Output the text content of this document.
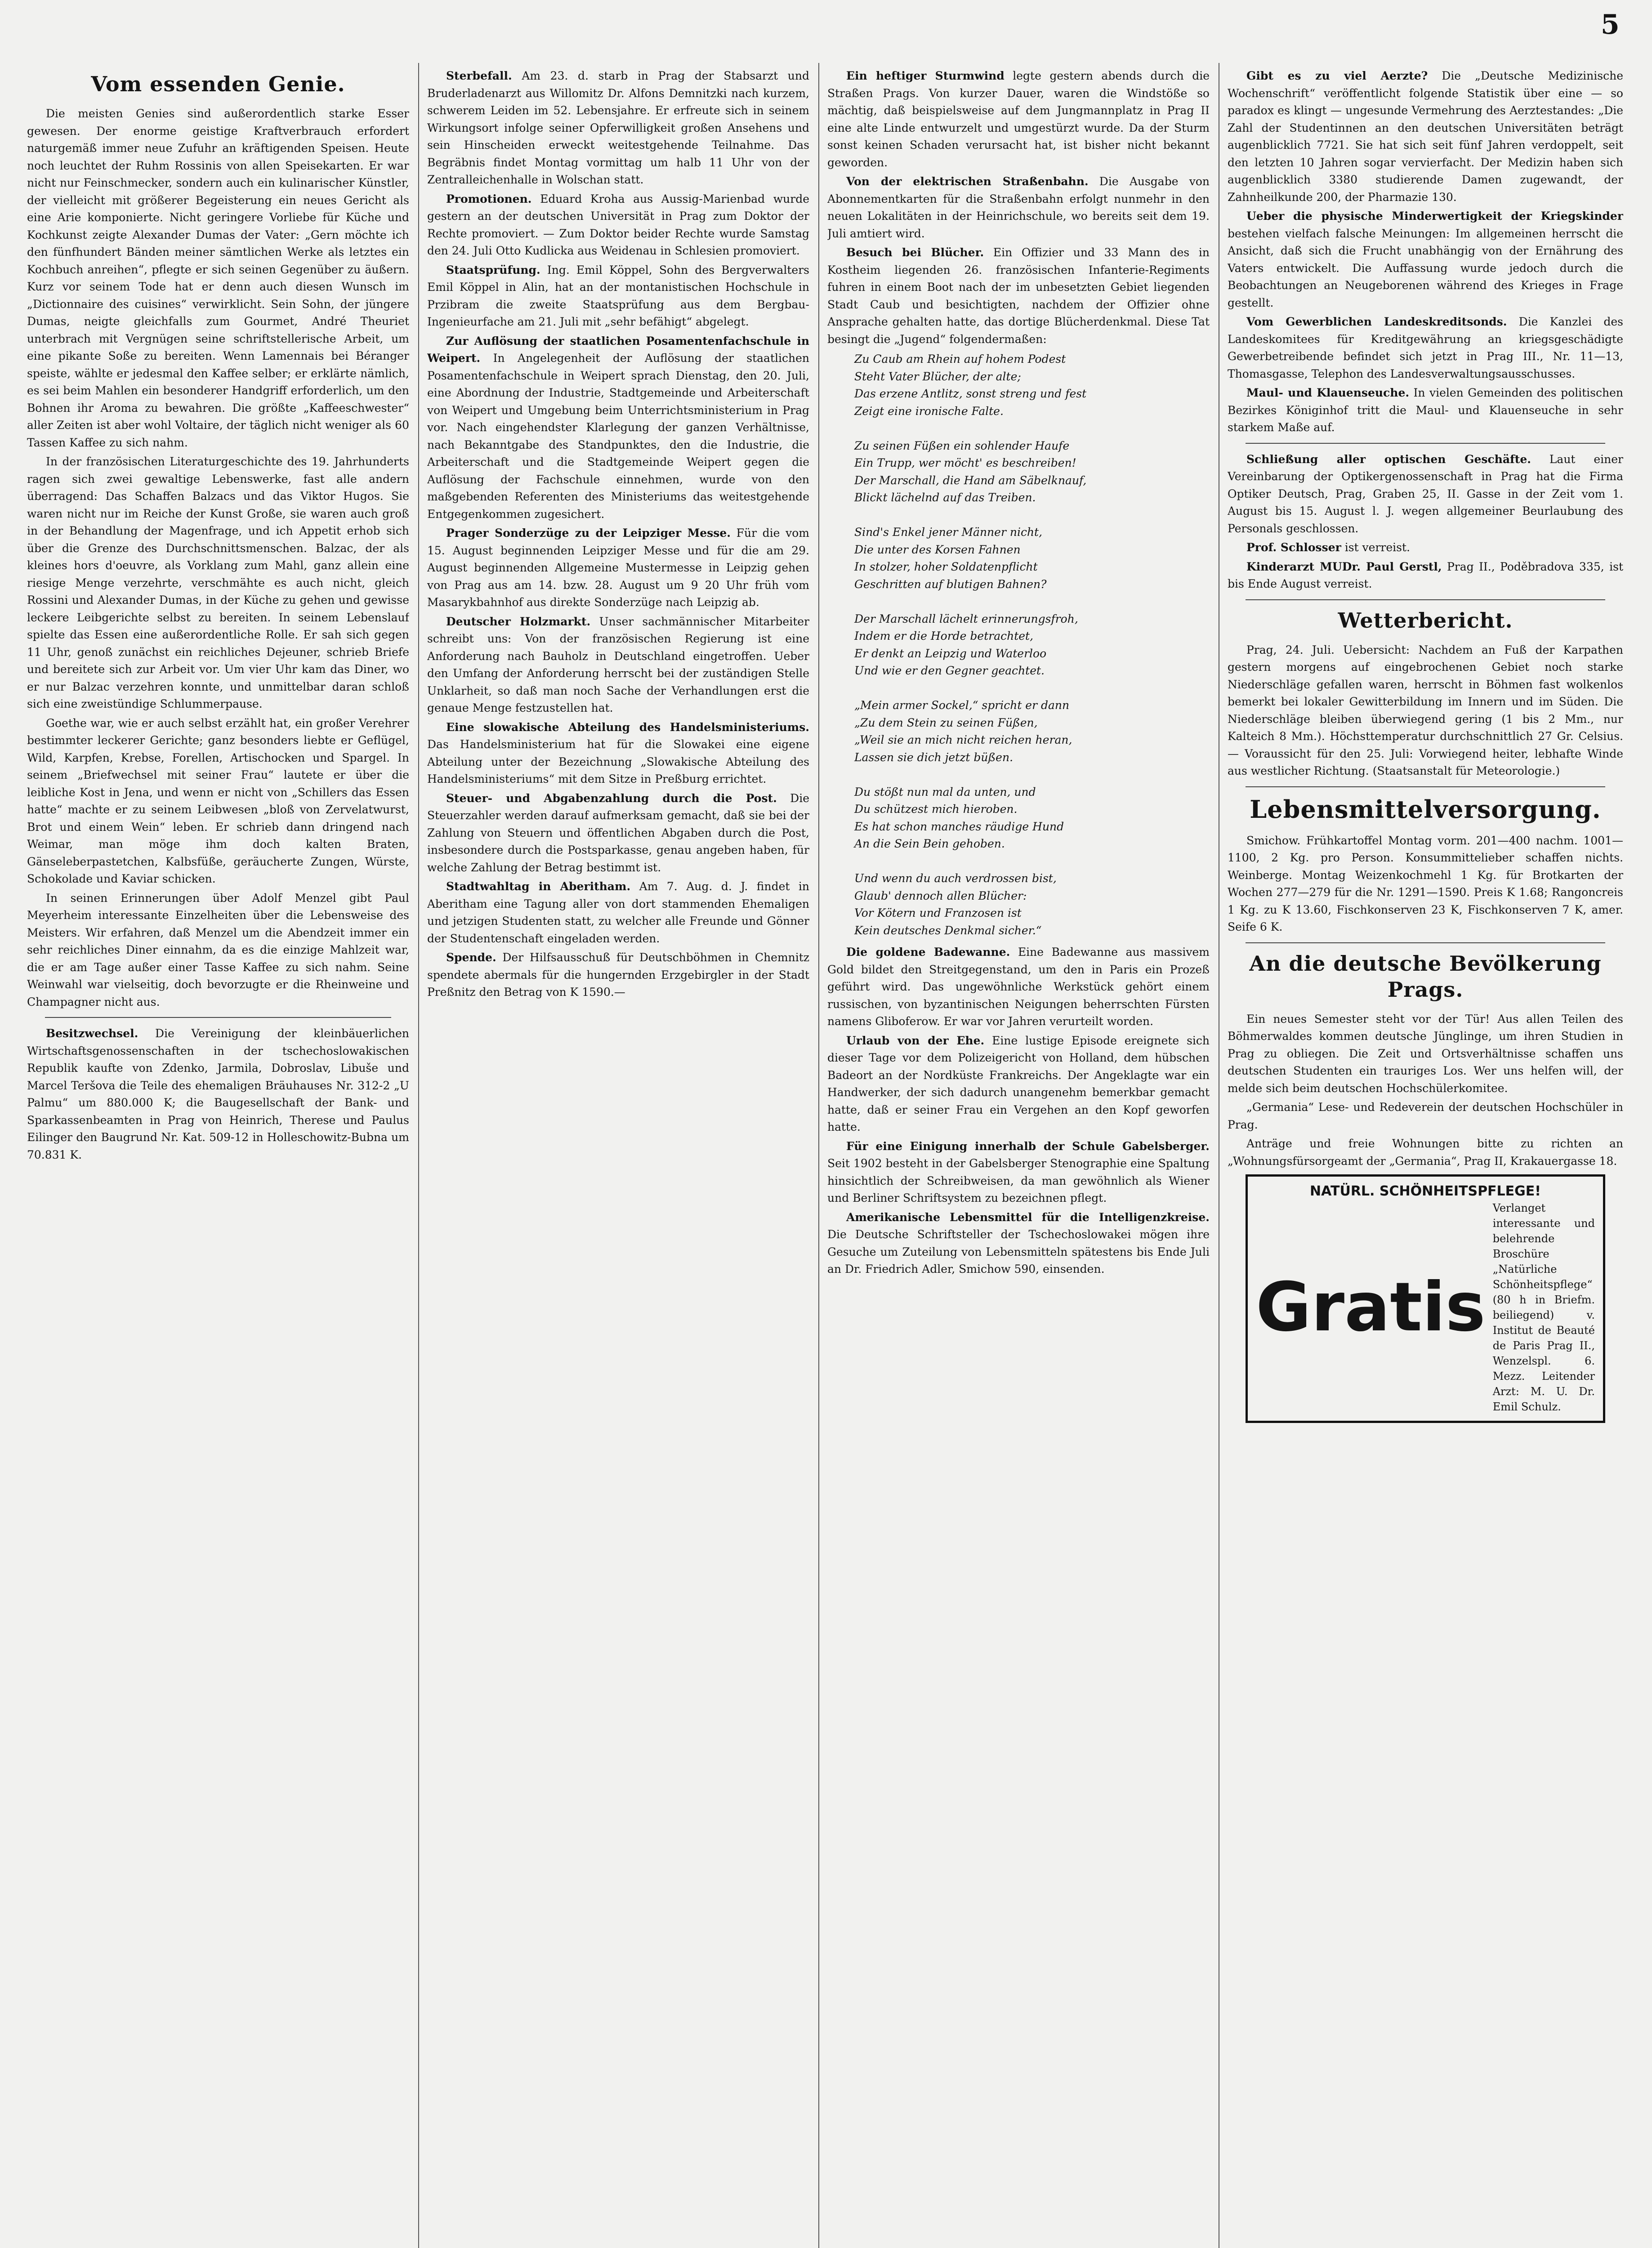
5
Vom essenden Genie.

Die meisten Genies sind außerordentlich starke Esser gewesen. Der enorme geistige Kraftverbrauch erfordert naturgemäß immer neue Zufuhr an kräftigenden Speisen. Heute noch leuchtet der Ruhm Rossinis von allen Speisekarten. Er war nicht nur Feinschmecker, sondern auch ein kulinarischer Künstler, der vielleicht mit größerer Begeisterung ein neues Gericht als eine Arie komponierte. Nicht geringere Vorliebe für Küche und Kochkunst zeigte Alexander Dumas der Vater: „Gern möchte ich den fünfhundert Bänden meiner sämtlichen Werke als letztes ein Kochbuch anreihen“, pflegte er sich seinen Gegenüber zu äußern. Kurz vor seinem Tode hat er denn auch diesen Wunsch im „Dictionnaire des cuisines“ verwirklicht. Sein Sohn, der jüngere Dumas, neigte gleichfalls zum Gourmet, André Theuriet unterbrach mit Vergnügen seine schriftstellerische Arbeit, um eine pikante Soße zu bereiten. Wenn Lamennais bei Béranger speiste, wählte er jedesmal den Kaffee selber; er erklärte nämlich, es sei beim Mahlen ein besonderer Handgriff erforderlich, um den Bohnen ihr Aroma zu bewahren. Die größte „Kaffeeschwester“ aller Zeiten ist aber wohl Voltaire, der täglich nicht weniger als 60 Tassen Kaffee zu sich nahm.

In der französischen Literaturgeschichte des 19. Jahrhunderts ragen sich zwei gewaltige Lebenswerke, fast alle andern überragend: Das Schaffen Balzacs und das Viktor Hugos. Sie waren nicht nur im Reiche der Kunst Große, sie waren auch groß in der Behandlung der Magenfrage, und ich Appetit erhob sich über die Grenze des Durchschnittsmenschen. Balzac, der als kleines hors d'oeuvre, als Vorklang zum Mahl, ganz allein eine riesige Menge verzehrte, verschmähte es auch nicht, gleich Rossini und Alexander Dumas, in der Küche zu gehen und gewisse leckere Leibgerichte selbst zu bereiten. In seinem Lebenslauf spielte das Essen eine außerordentliche Rolle. Er sah sich gegen 11 Uhr, genoß zunächst ein reichliches Dejeuner, schrieb Briefe und bereitete sich zur Arbeit vor. Um vier Uhr kam das Diner, wo er nur Balzac verzehren konnte, und unmittelbar daran schloß sich eine zweistündige Schlummerpause.

Goethe war, wie er auch selbst erzählt hat, ein großer Verehrer bestimmter leckerer Gerichte; ganz besonders liebte er Geflügel, Wild, Karpfen, Krebse, Forellen, Artischocken und Spargel. In seinem „Briefwechsel mit seiner Frau“ lautete er über die leibliche Kost in Jena, und wenn er nicht von „Schillers das Essen hatte“ machte er zu seinem Leibwesen „bloß von Zervelatwurst, Brot und einem Wein“ leben. Er schrieb dann dringend nach Weimar, man möge ihm doch kalten Braten, Gänseleberpastetchen, Kalbsfüße, geräucherte Zungen, Würste, Schokolade und Kaviar schicken.

In seinen Erinnerungen über Adolf Menzel gibt Paul Meyerheim interessante Einzelheiten über die Lebensweise des Meisters. Wir erfahren, daß Menzel um die Abendzeit immer ein sehr reichliches Diner einnahm, da es die einzige Mahlzeit war, die er am Tage außer einer Tasse Kaffee zu sich nahm. Seine Weinwahl war vielseitig, doch bevorzugte er die Rheinweine und Champagner nicht aus.

Besitzwechsel. Die Vereinigung der kleinbäuerlichen Wirtschaftsgenossenschaften in der tschechoslowakischen Republik kaufte von Zdenko, Jarmila, Dobroslav, Libuše und Marcel Teršova die Teile des ehemaligen Bräuhauses Nr. 312-2 „U Palmu“ um 880.000 K; die Baugesellschaft der Bank- und Sparkassenbeamten in Prag von Heinrich, Therese und Paulus Eilinger den Baugrund Nr. Kat. 509-12 in Holleschowitz-Bubna um 70.831 K.

Sterbefall. Am 23. d. starb in Prag der Stabsarzt und Bruderladenarzt aus Willomitz Dr. Alfons Demnitzki nach kurzem, schwerem Leiden im 52. Lebensjahre. Er erfreute sich in seinem Wirkungsort infolge seiner Opferwilligkeit großen Ansehens und sein Hinscheiden erweckt weitestgehende Teilnahme. Das Begräbnis findet Montag vormittag um halb 11 Uhr von der Zentralleichenhalle in Wolschan statt.

Promotionen. Eduard Kroha aus Aussig-Marienbad wurde gestern an der deutschen Universität in Prag zum Doktor der Rechte promoviert. — Zum Doktor beider Rechte wurde Samstag den 24. Juli Otto Kudlicka aus Weidenau in Schlesien promoviert.

Staatsprüfung. Ing. Emil Köppel, Sohn des Bergverwalters Emil Köppel in Alin, hat an der montanistischen Hochschule in Przibram die zweite Staatsprüfung aus dem Bergbau-Ingenieurfache am 21. Juli mit „sehr befähigt“ abgelegt.

Zur Auflösung der staatlichen Posamentenfachschule in Weipert. In Angelegenheit der Auflösung der staatlichen Posamentenfachschule in Weipert sprach Dienstag, den 20. Juli, eine Abordnung der Industrie, Stadtgemeinde und Arbeiterschaft von Weipert und Umgebung beim Unterrichtsministerium in Prag vor. Nach eingehendster Klarlegung der ganzen Verhältnisse, nach Bekanntgabe des Standpunktes, den die Industrie, die Arbeiterschaft und die Stadtgemeinde Weipert gegen die Auflösung der Fachschule einnehmen, wurde von den maßgebenden Referenten des Ministeriums das weitestgehende Entgegenkommen zugesichert.

Prager Sonderzüge zu der Leipziger Messe. Für die vom 15. August beginnenden Leipziger Messe und für die am 29. August beginnenden Allgemeine Mustermesse in Leipzig gehen von Prag aus am 14. bzw. 28. August um 9 20 Uhr früh vom Masarykbahnhof aus direkte Sonderzüge nach Leipzig ab.

Deutscher Holzmarkt. Unser sachmännischer Mitarbeiter schreibt uns: Von der französischen Regierung ist eine Anforderung nach Bauholz in Deutschland eingetroffen. Ueber den Umfang der Anforderung herrscht bei der zuständigen Stelle Unklarheit, so daß man noch Sache der Verhandlungen erst die genaue Menge festzustellen hat.

Eine slowakische Abteilung des Handelsministeriums. Das Handelsministerium hat für die Slowakei eine eigene Abteilung unter der Bezeichnung „Slowakische Abteilung des Handelsministeriums“ mit dem Sitze in Preßburg errichtet.

Steuer- und Abgabenzahlung durch die Post. Die Steuerzahler werden darauf aufmerksam gemacht, daß sie bei der Zahlung von Steuern und öffentlichen Abgaben durch die Post, insbesondere durch die Postsparkasse, genau angeben haben, für welche Zahlung der Betrag bestimmt ist.

Stadtwahltag in Aberitham. Am 7. Aug. d. J. findet in Aberitham eine Tagung aller von dort stammenden Ehemaligen und jetzigen Studenten statt, zu welcher alle Freunde und Gönner der Studentenschaft eingeladen werden.

Spende. Der Hilfsausschuß für Deutschböhmen in Chemnitz spendete abermals für die hungernden Erzgebirgler in der Stadt Preßnitz den Betrag von K 1590.—

Ein heftiger Sturmwind legte gestern abends durch die Straßen Prags. Von kurzer Dauer, waren die Windstöße so mächtig, daß beispielsweise auf dem Jungmannplatz in Prag II eine alte Linde entwurzelt und umgestürzt wurde. Da der Sturm sonst keinen Schaden verursacht hat, ist bisher nicht bekannt geworden.

Von der elektrischen Straßenbahn. Die Ausgabe von Abonnementkarten für die Straßenbahn erfolgt nunmehr in den neuen Lokalitäten in der Heinrichschule, wo bereits seit dem 19. Juli amtiert wird.

Besuch bei Blücher. Ein Offizier und 33 Mann des in Kostheim liegenden 26. französischen Infanterie-Regiments fuhren in einem Boot nach der im unbesetzten Gebiet liegenden Stadt Caub und besichtigten, nachdem der Offizier ohne Ansprache gehalten hatte, das dortige Blücherdenkmal. Diese Tat besingt die „Jugend“ folgendermaßen:

Zu Caub am Rhein auf hohem Podest
Steht Vater Blücher, der alte;
Das erzene Antlitz, sonst streng und fest
Zeigt eine ironische Falte.

Zu seinen Füßen ein sohlender Haufe
Ein Trupp, wer möcht' es beschreiben!
Der Marschall, die Hand am Säbelknauf,
Blickt lächelnd auf das Treiben.

Sind's Enkel jener Männer nicht,
Die unter des Korsen Fahnen
In stolzer, hoher Soldatenpflicht
Geschritten auf blutigen Bahnen?

Der Marschall lächelt erinnerungsfroh,
Indem er die Horde betrachtet,
Er denkt an Leipzig und Waterloo
Und wie er den Gegner geachtet.

„Mein armer Sockel,“ spricht er dann
„Zu dem Stein zu seinen Füßen,
„Weil sie an mich nicht reichen heran,
Lassen sie dich jetzt büßen.

Du stößt nun mal da unten, und
Du schützest mich hieroben.
Es hat schon manches räudige Hund
An die Sein Bein gehoben.

Und wenn du auch verdrossen bist,
Glaub' dennoch allen Blücher:
Vor Kötern und Franzosen ist
Kein deutsches Denkmal sicher.“

Die goldene Badewanne. Eine Badewanne aus massivem Gold bildet den Streitgegenstand, um den in Paris ein Prozeß geführt wird. Das ungewöhnliche Werkstück gehört einem russischen, von byzantinischen Neigungen beherrschten Fürsten namens Gliboferow. Er war vor Jahren verurteilt worden.

Urlaub von der Ehe. Eine lustige Episode ereignete sich dieser Tage vor dem Polizeigericht von Holland, dem hübschen Badeort an der Nordküste Frankreichs. Der Angeklagte war ein Handwerker, der sich dadurch unangenehm bemerkbar gemacht hatte, daß er seiner Frau ein Vergehen an den Kopf geworfen hatte.

Für eine Einigung innerhalb der Schule Gabelsberger. Seit 1902 besteht in der Gabelsberger Stenographie eine Spaltung hinsichtlich der Schreibweisen, da man gewöhnlich als Wiener und Berliner Schriftsystem zu bezeichnen pflegt.

Amerikanische Lebensmittel für die Intelligenzkreise. Die Deutsche Schriftsteller der Tschechoslowakei mögen ihre Gesuche um Zuteilung von Lebensmitteln spätestens bis Ende Juli an Dr. Friedrich Adler, Smichow 590, einsenden.

Gibt es zu viel Aerzte? Die „Deutsche Medizinische Wochenschrift“ veröffentlicht folgende Statistik über eine — so paradox es klingt — ungesunde Vermehrung des Aerztestandes: „Die Zahl der Studentinnen an den deutschen Universitäten beträgt augenblicklich 7721. Sie hat sich seit fünf Jahren verdoppelt, seit den letzten 10 Jahren sogar vervierfacht. Der Medizin haben sich augenblicklich 3380 studierende Damen zugewandt, der Zahnheilkunde 200, der Pharmazie 130.

Ueber die physische Minderwertigkeit der Kriegskinder bestehen vielfach falsche Meinungen: Im allgemeinen herrscht die Ansicht, daß sich die Frucht unabhängig von der Ernährung des Vaters entwickelt. Die Auffassung wurde jedoch durch die Beobachtungen an Neugeborenen während des Krieges in Frage gestellt.

Vom Gewerblichen Landeskreditsonds. Die Kanzlei des Landeskomitees für Kreditgewährung an kriegsgeschädigte Gewerbetreibende befindet sich jetzt in Prag III., Nr. 11—13, Thomasgasse, Telephon des Landesverwaltungsausschusses.

Maul- und Klauenseuche. In vielen Gemeinden des politischen Bezirkes Königinhof tritt die Maul- und Klauenseuche in sehr starkem Maße auf.

Schließung aller optischen Geschäfte. Laut einer Vereinbarung der Optikergenossenschaft in Prag hat die Firma Optiker Deutsch, Prag, Graben 25, II. Gasse in der Zeit vom 1. August bis 15. August l. J. wegen allgemeiner Beurlaubung des Personals geschlossen.

Prof. Schlosser ist verreist.

Kinderarzt MUDr. Paul Gerstl, Prag II., Poděbradova 335, ist bis Ende August verreist.

Wetterbericht.

Prag, 24. Juli. Uebersicht: Nachdem an Fuß der Karpathen gestern morgens auf eingebrochenen Gebiet noch starke Niederschläge gefallen waren, herrscht in Böhmen fast wolkenlos bemerkt bei lokaler Gewitterbildung im Innern und im Süden. Die Niederschläge bleiben überwiegend gering (1 bis 2 Mm., nur Kalteich 8 Mm.). Höchsttemperatur durchschnittlich 27 Gr. Celsius. — Voraussicht für den 25. Juli: Vorwiegend heiter, lebhafte Winde aus westlicher Richtung. (Staatsanstalt für Meteorologie.)

Lebensmittelversorgung.

Smichow. Frühkartoffel Montag vorm. 201—400 nachm. 1001—1100, 2 Kg. pro Person. Konsummittelieber schaffen nichts. Weinberge. Montag Weizenkochmehl 1 Kg. für Brotkarten der Wochen 277—279 für die Nr. 1291—1590. Preis K 1.68; Rangoncreis 1 Kg. zu K 13.60, Fischkonserven 23 K, Fischkonserven 7 K, amer. Seife 6 K.

An die deutsche Bevölkerung Prags.

Ein neues Semester steht vor der Tür! Aus allen Teilen des Böhmerwaldes kommen deutsche Jünglinge, um ihren Studien in Prag zu obliegen. Die Zeit und Ortsverhältnisse schaffen uns deutschen Studenten ein trauriges Los. Wer uns helfen will, der melde sich beim deutschen Hochschülerkomitee.

„Germania“ Lese- und Redeverein der deutschen Hochschüler in Prag.

Anträge und freie Wohnungen bitte zu richten an „Wohnungsfürsorgeamt der „Germania“, Prag II, Krakauergasse 18.

NATÜRL. SCHÖNHEITSPFLEGE!
Gratis
Verlanget interessante und belehrende Broschüre „Natürliche Schönheitspflege“ (80 h in Briefm. beiliegend) v. Institut de Beauté de Paris Prag II., Wenzelspl. 6. Mezz. Leitender Arzt: M. U. Dr. Emil Schulz.
